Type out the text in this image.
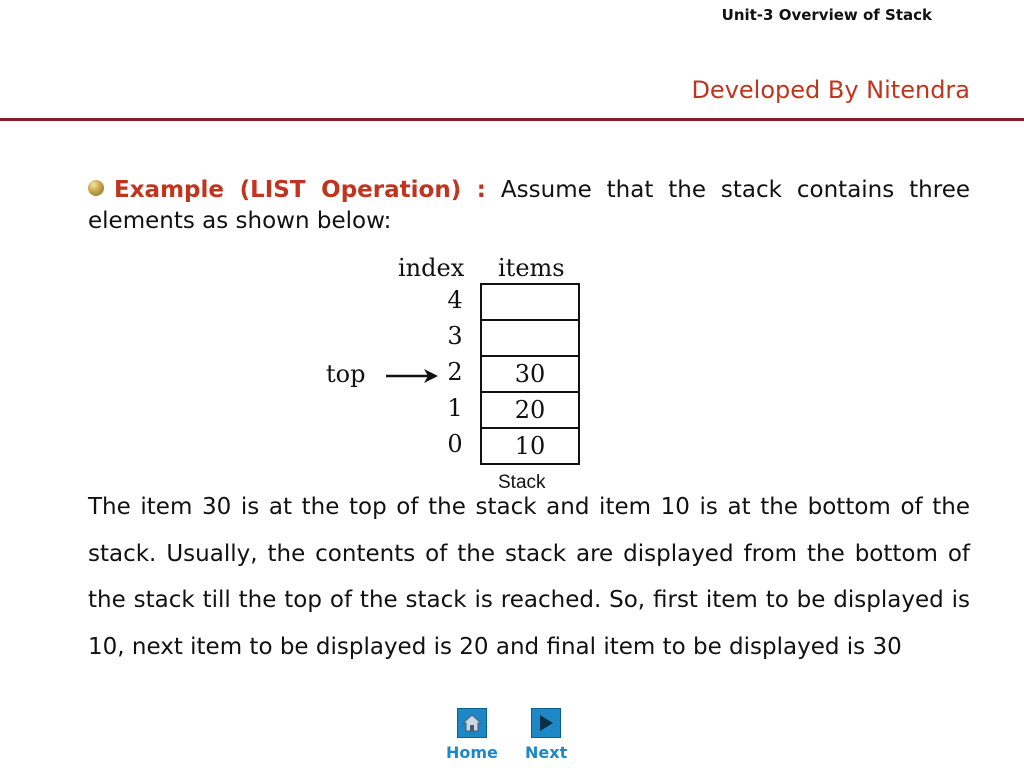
Unit-3 Overview of Stack
Developed By Nitendra
Example (LIST Operation) : Assume that the stack contains three elements as shown below:
index items
4
3
2
1
0
30
20
10
top
Stack
The item 30 is at the top of the stack and item 10 is at the bottom of the stack. Usually, the contents of the stack are displayed from the bottom of the stack till the top of the stack is reached. So, first item to be displayed is 10, next item to be displayed is 20 and final item to be displayed is 30
Home Next
